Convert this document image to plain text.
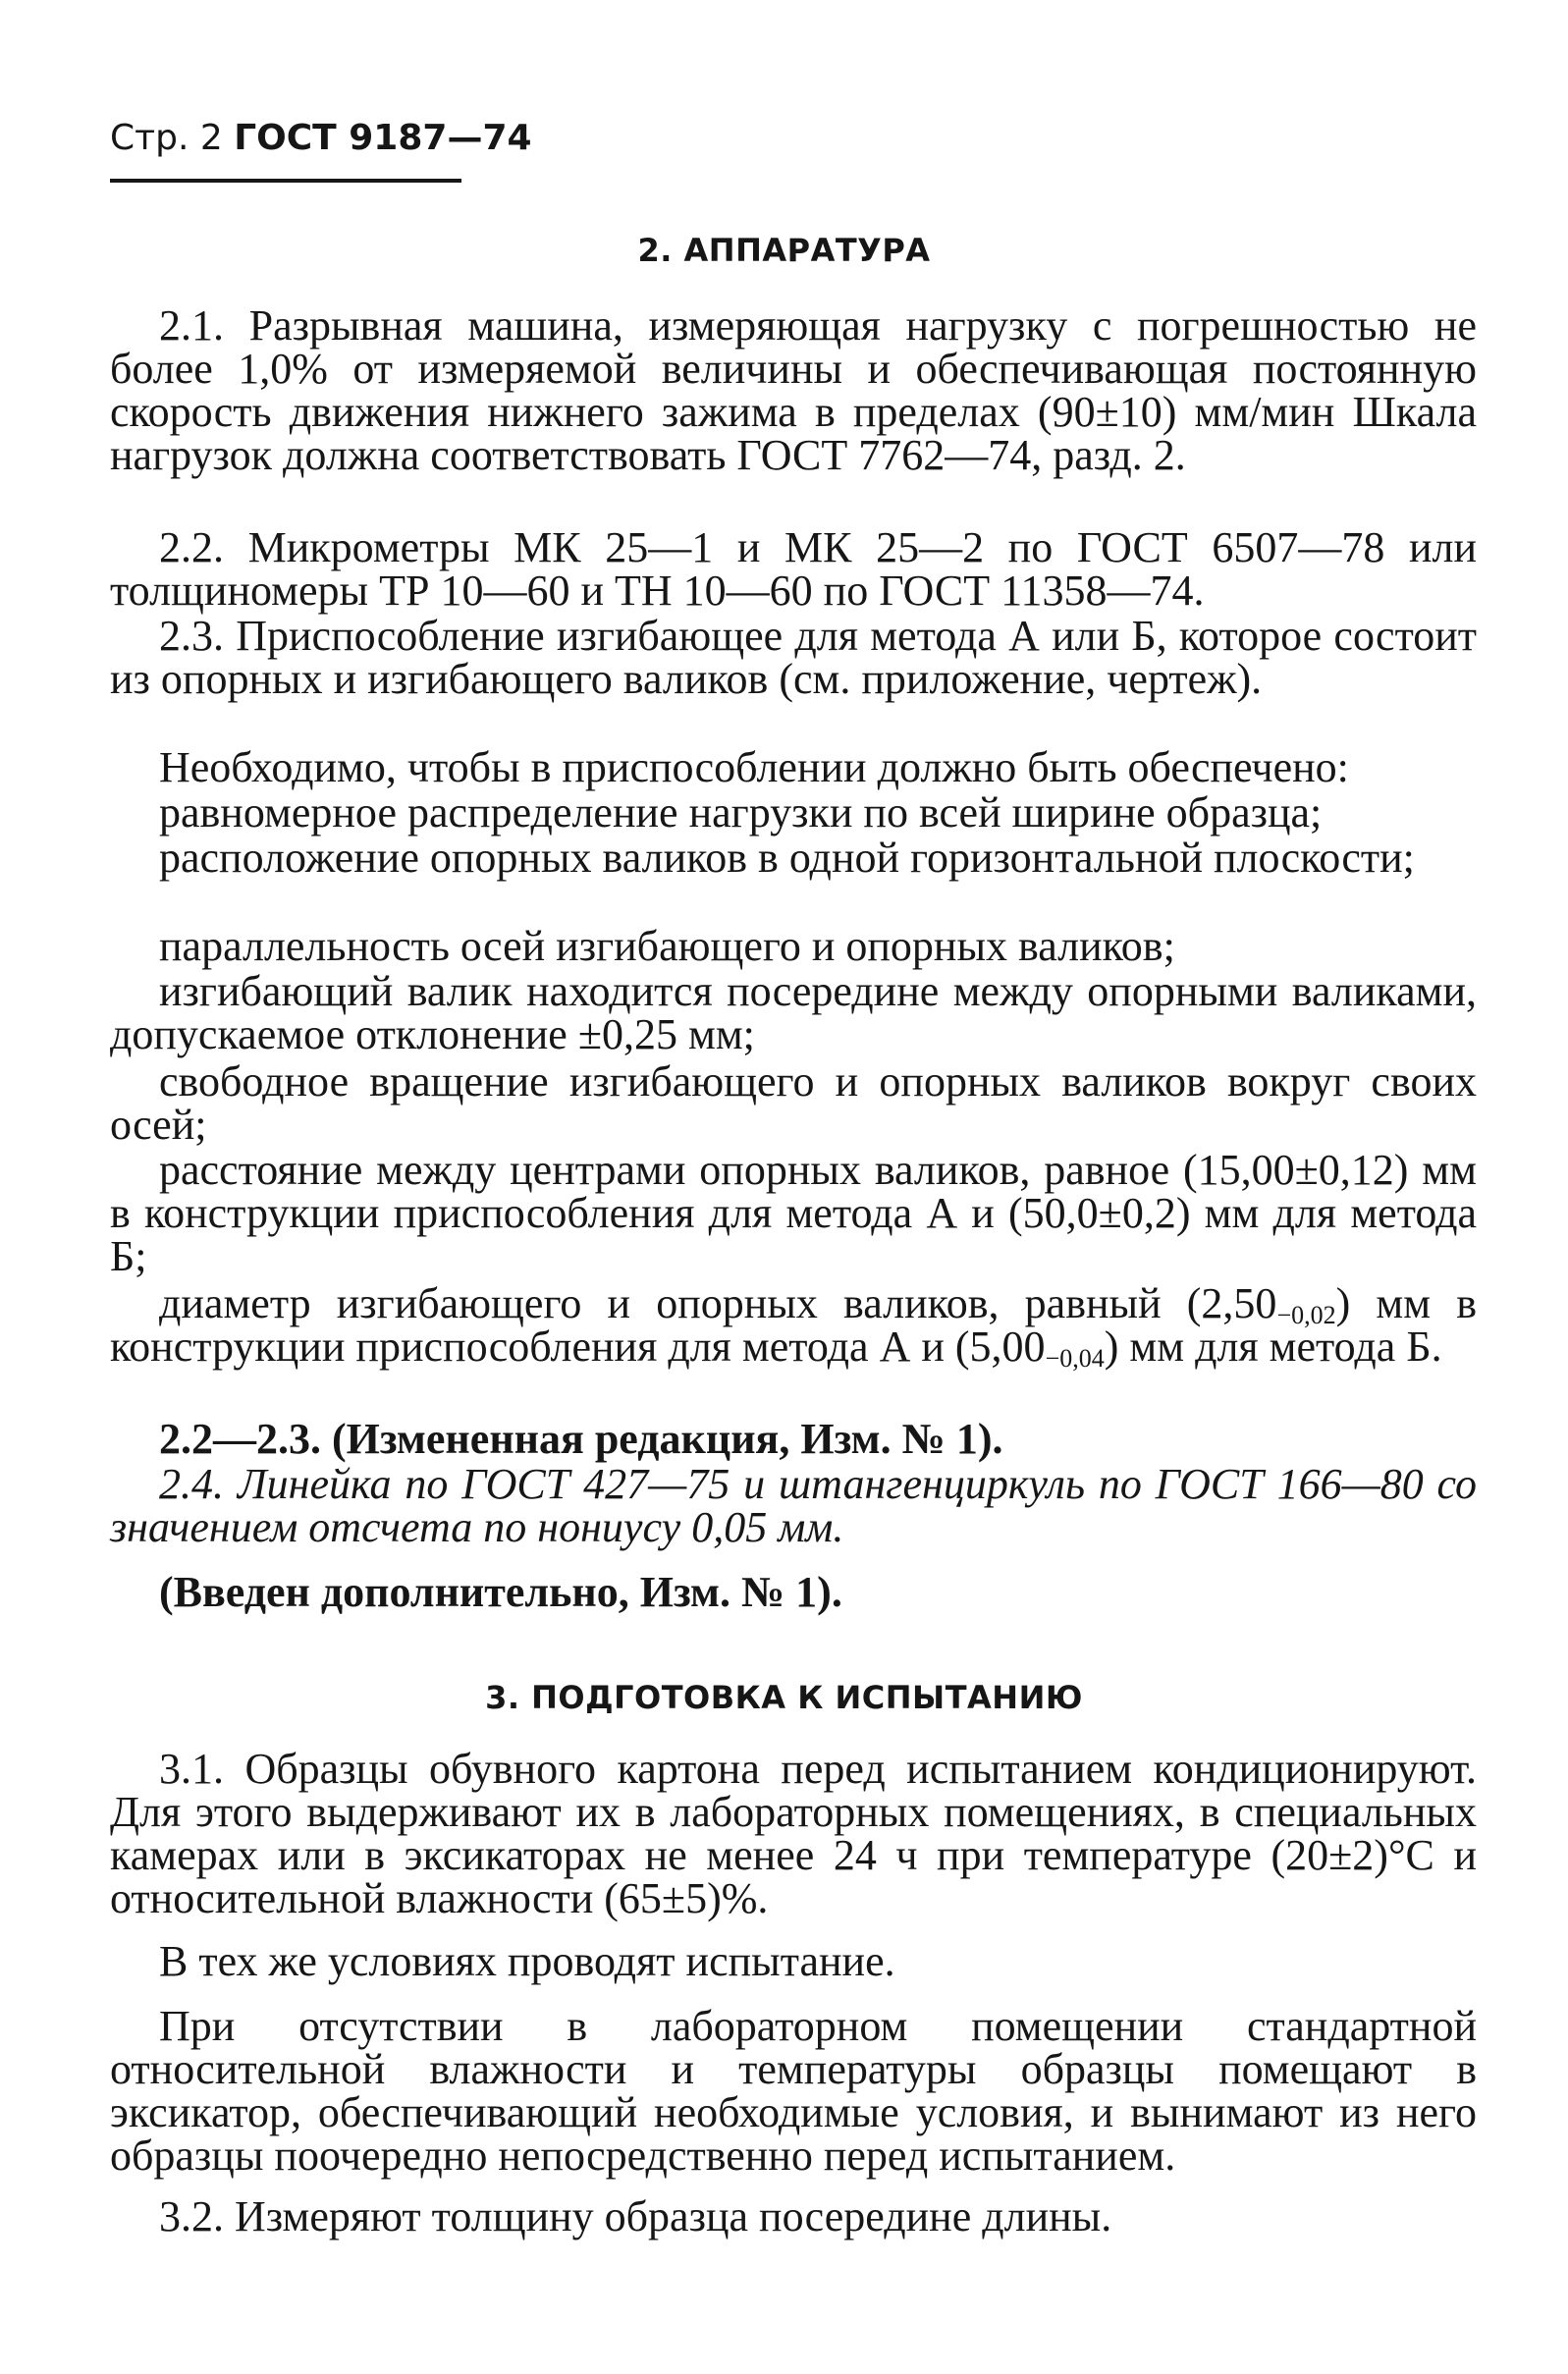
Стр. 2 ГОСТ 9187—74
2. АППАРАТУРА
2.1. Разрывная машина, измеряющая нагрузку с погрешностью не более 1,0% от измеряемой величины и обеспечивающая постоянную скорость движения нижнего зажима в пределах (90±10) мм/мин Шкала нагрузок должна соответствовать ГОСТ 7762—74, разд. 2.
2.2. Микрометры МК 25—1 и МК 25—2 по ГОСТ 6507—78 или толщиномеры ТР 10—60 и ТН 10—60 по ГОСТ 11358—74.
2.3. Приспособление изгибающее для метода А или Б, которое состоит из опорных и изгибающего валиков (см. приложение, чертеж).
Необходимо, чтобы в приспособлении должно быть обеспечено:
равномерное распределение нагрузки по всей ширине образца;
расположение опорных валиков в одной горизонтальной плоскости;
параллельность осей изгибающего и опорных валиков;
изгибающий валик находится посередине между опорными валиками, допускаемое отклонение ±0,25 мм;
свободное вращение изгибающего и опорных валиков вокруг своих осей;
расстояние между центрами опорных валиков, равное (15,00±0,12) мм в конструкции приспособления для метода А и (50,0±0,2) мм для метода Б;
диаметр изгибающего и опорных валиков, равный $(2,50_{-0,02})$ мм в конструкции приспособления для метода А и $(5,00_{-0,04})$ мм для метода Б.
2.2—2.3. (Измененная редакция, Изм. № 1).
2.4. Линейка по ГОСТ 427—75 и штангенциркуль по ГОСТ 166—80 со значением отсчета по нониусу 0,05 мм.
(Введен дополнительно, Изм. № 1).
3. ПОДГОТОВКА К ИСПЫТАНИЮ
3.1. Образцы обувного картона перед испытанием кондиционируют. Для этого выдерживают их в лабораторных помещениях, в специальных камерах или в эксикаторах не менее 24 ч при температуре (20±2)°С и относительной влажности (65±5)%.
В тех же условиях проводят испытание.
При отсутствии в лабораторном помещении стандартной относительной влажности и температуры образцы помещают в эксикатор, обеспечивающий необходимые условия, и вынимают из него образцы поочередно непосредственно перед испытанием.
3.2. Измеряют толщину образца посередине длины.
